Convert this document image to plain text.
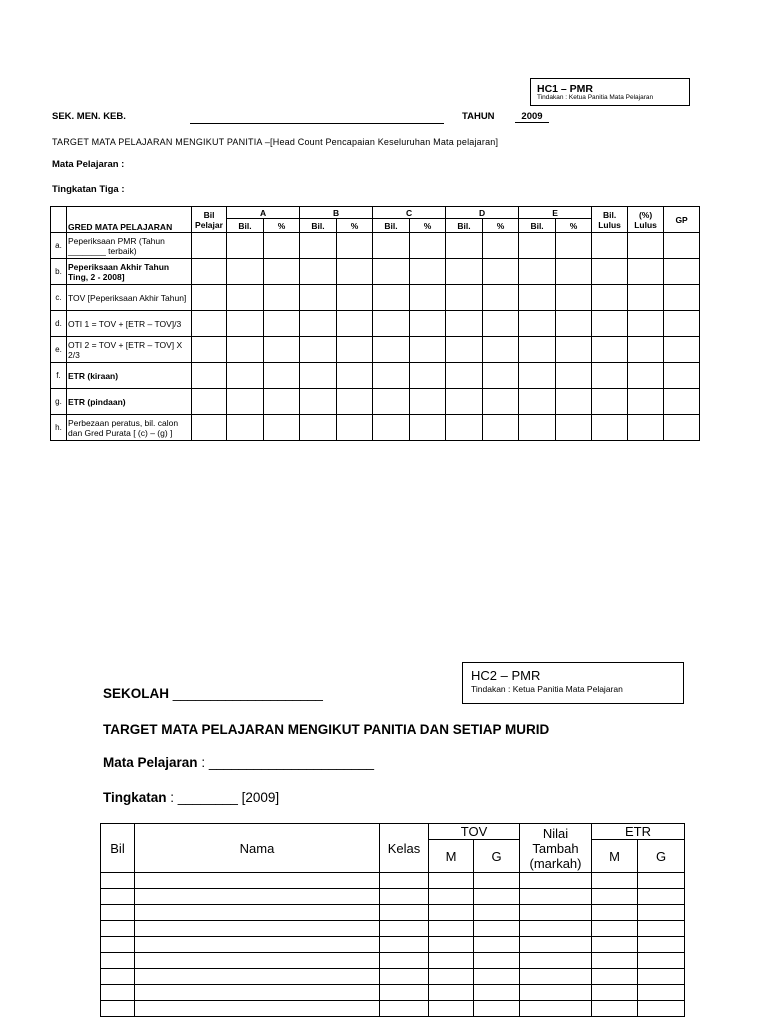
HC1 – PMR
Tindakan : Ketua Panitia Mata Pelajaran
SEK. MEN. KEB.	TAHUN	2009
TARGET MATA PELAJARAN MENGIKUT PANITIA –[Head Count Pencapaian Keseluruhan Mata pelajaran]
Mata Pelajaran :
Tingkatan Tiga :
	GRED MATA PELAJARAN	Bil Pelajar	A		B		C		D		E		Bil. Lulus	(%) Lulus	GP
			Bil.	%	Bil.	%	Bil.	%	Bil.	%	Bil.	%			
a.	Peperiksaan PMR (Tahun ________ terbaik)														
b.	Peperiksaan Akhir Tahun Ting, 2 - 2008]														
c.	TOV [Peperiksaan Akhir Tahun]														
d.	OTI 1 = TOV + [ETR – TOV]/3														
e.	OTI 2 = TOV + [ETR – TOV] X 2/3														
f.	ETR (kiraan)														
g.	ETR (pindaan)														
h.	Perbezaan peratus, bil. calon dan Gred Purata [ (c) – (g) ]														
HC2 – PMR
Tindakan : Ketua Panitia Mata Pelajaran
SEKOLAH ____________________
TARGET MATA PELAJARAN MENGIKUT PANITIA DAN SETIAP MURID
Mata Pelajaran : ______________________
Tingkatan : ________ [2009]
Bil	Nama	Kelas	TOV		Nilai Tambah (markah)	ETR	
			M	G		M	G
